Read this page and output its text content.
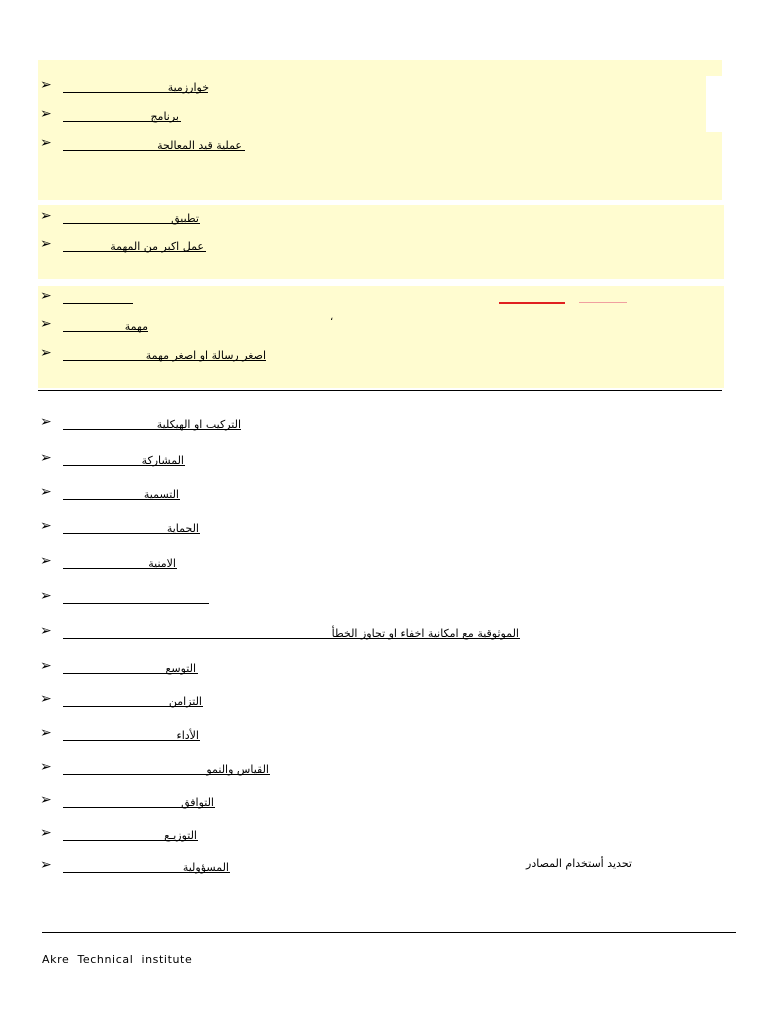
➢	خوارزمية
➢	برنامج
➢	عملية قيد المعالجة
➢	تطبيق
➢	عمل اكبر من المهمة
➢
➢	مهمة
➢	اصغر رسالة او اصغر مهمة
،
➢	التركيب او الهيكلية
➢	المشاركة
➢	التسمية
➢	الحماية
➢	الامنية
➢
➢	الموثوقية مع امكانية اخفاء او تجاوز الخطأ
➢	التوسع
➢	التزامن
➢	الأداء
➢	القياس والنمو
➢	التوافق
➢	التوزيـع
➢	المسؤولية	تحديد أستخدام المصادر
Akre Technical institute
